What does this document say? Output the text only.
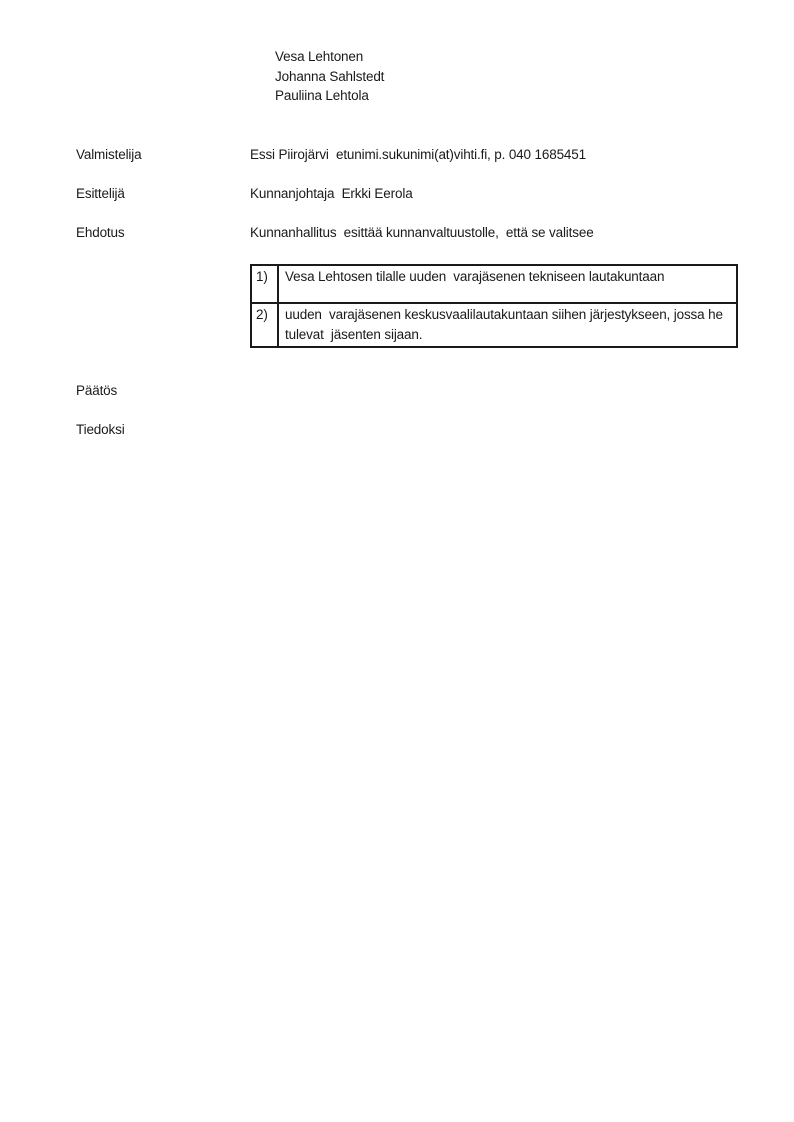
Vesa Lehtonen
Johanna Sahlstedt
Pauliina Lehtola
Valmistelija	Essi Piirojärvi  etunimi.sukunimi(at)vihti.fi, p. 040 1685451
Esittelijä	Kunnanjohtaja  Erkki Eerola
Ehdotus	Kunnanhallitus  esittää kunnanvaltuustolle,  että se valitsee
1)	Vesa Lehtosen tilalle uuden  varajäsenen tekniseen lautakuntaan
2)	uuden  varajäsenen keskusvaalilautakuntaan siihen järjestykseen, jossa he tulevat  jäsenten sijaan.
Päätös
Tiedoksi
